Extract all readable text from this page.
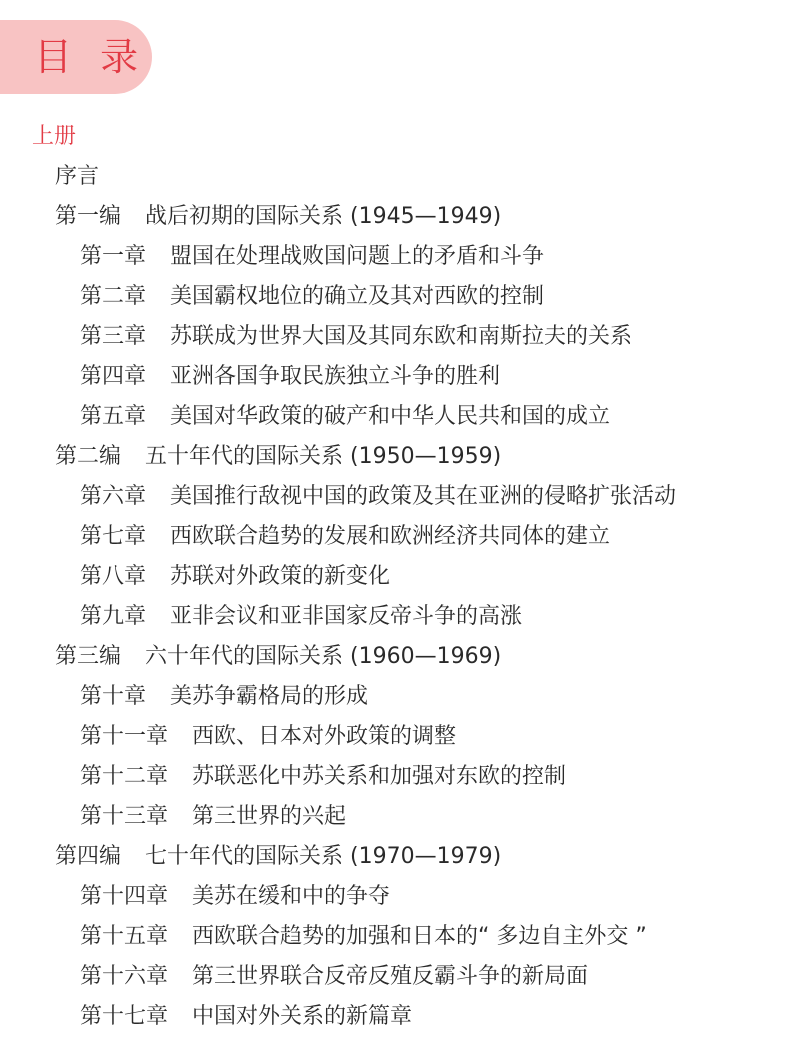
目 录
上册
序言
第一编 战后初期的国际关系 (1945—1949)
第一章 盟国在处理战败国问题上的矛盾和斗争
第二章 美国霸权地位的确立及其对西欧的控制
第三章 苏联成为世界大国及其同东欧和南斯拉夫的关系
第四章 亚洲各国争取民族独立斗争的胜利
第五章 美国对华政策的破产和中华人民共和国的成立
第二编 五十年代的国际关系 (1950—1959)
第六章 美国推行敌视中国的政策及其在亚洲的侵略扩张活动
第七章 西欧联合趋势的发展和欧洲经济共同体的建立
第八章 苏联对外政策的新变化
第九章 亚非会议和亚非国家反帝斗争的高涨
第三编 六十年代的国际关系 (1960—1969)
第十章 美苏争霸格局的形成
第十一章 西欧、日本对外政策的调整
第十二章 苏联恶化中苏关系和加强对东欧的控制
第十三章 第三世界的兴起
第四编 七十年代的国际关系 (1970—1979)
第十四章 美苏在缓和中的争夺
第十五章 西欧联合趋势的加强和日本的“ 多边自主外交 ”
第十六章 第三世界联合反帝反殖反霸斗争的新局面
第十七章 中国对外关系的新篇章
